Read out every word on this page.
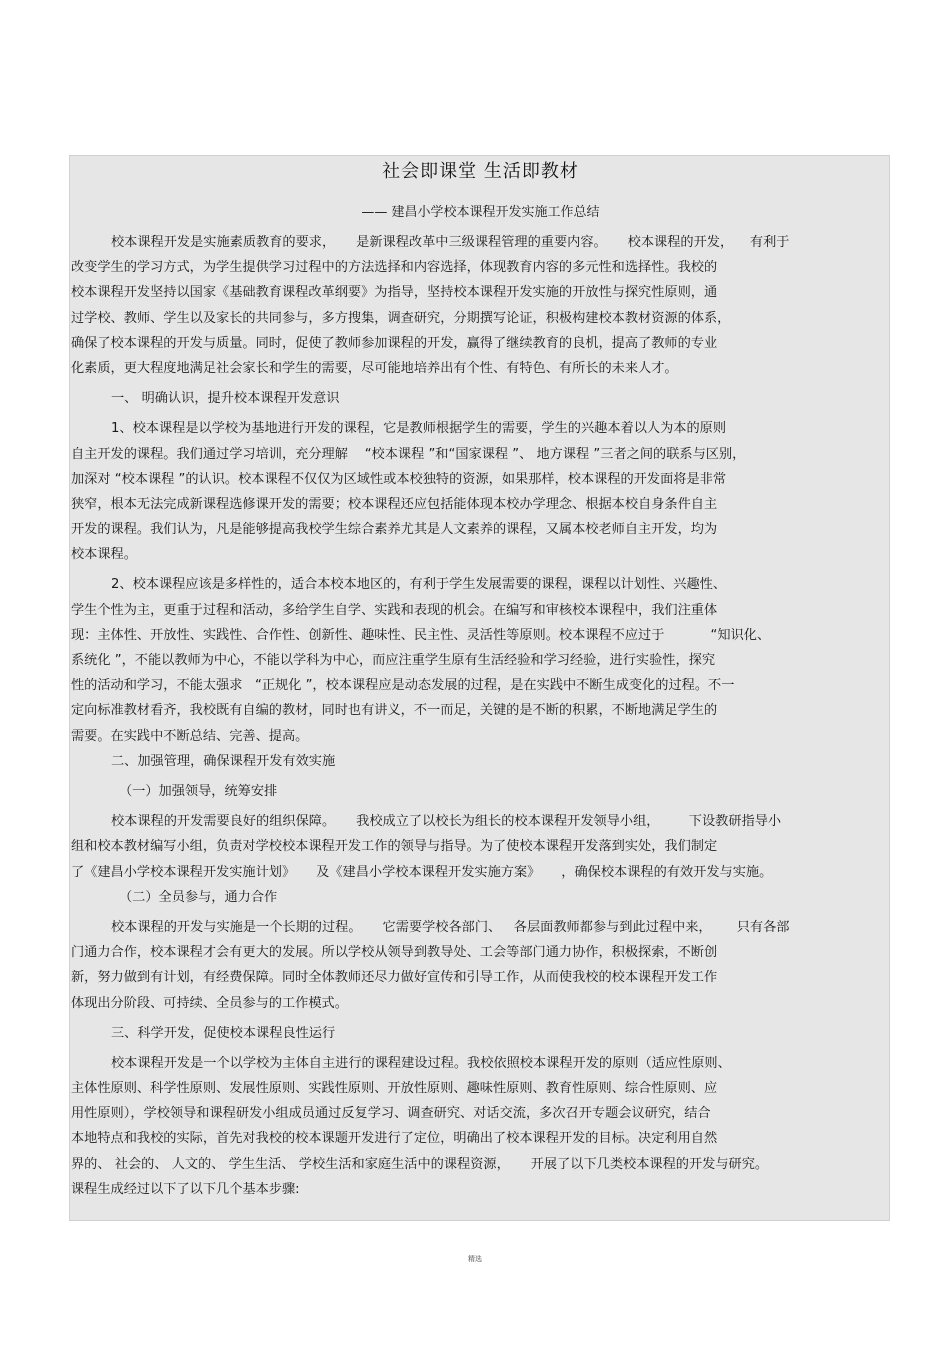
社会即课堂 生活即教材
—— 建昌小学校本课程开发实施工作总结
校本课程开发是实施素质教育的要求，     是新课程改革中三级课程管理的重要内容。     校本课程的开发，    有利于
改变学生的学习方式，为学生提供学习过程中的方法选择和内容选择，体现教育内容的多元性和选择性。我校的
校本课程开发坚持以国家《基础教育课程改革纲要》为指导，坚持校本课程开发实施的开放性与探究性原则，通
过学校、教师、学生以及家长的共同参与，多方搜集，调查研究，分期撰写论证，积极构建校本教材资源的体系，
确保了校本课程的开发与质量。同时，促使了教师参加课程的开发，赢得了继续教育的良机，提高了教师的专业
化素质，更大程度地满足社会家长和学生的需要，尽可能地培养出有个性、有特色、有所长的未来人才。
一、 明确认识，提升校本课程开发意识
1、校本课程是以学校为基地进行开发的课程，它是教师根据学生的需要，学生的兴趣本着以人为本的原则
自主开发的课程。我们通过学习培训，充分理解    “校本课程 ”和“国家课程 ”、 地方课程 ”三者之间的联系与区别，
加深对 “校本课程 ”的认识。校本课程不仅仅为区域性或本校独特的资源，如果那样，校本课程的开发面将是非常
狭窄，根本无法完成新课程选修课开发的需要；校本课程还应包括能体现本校办学理念、根据本校自身条件自主
开发的课程。我们认为，凡是能够提高我校学生综合素养尤其是人文素养的课程，又属本校老师自主开发，均为
校本课程。
2、校本课程应该是多样性的，适合本校本地区的，有利于学生发展需要的课程，课程以计划性、兴趣性、
学生个性为主，更重于过程和活动，多给学生自学、实践和表现的机会。在编写和审核校本课程中，我们注重体
现：主体性、开放性、实践性、合作性、创新性、趣味性、民主性、灵活性等原则。校本课程不应过于           “知识化、
系统化 ”，不能以教师为中心，不能以学科为中心，而应注重学生原有生活经验和学习经验，进行实验性，探究
性的活动和学习，不能太强求   “正规化 ”，校本课程应是动态发展的过程，是在实践中不断生成变化的过程。不一
定向标准教材看齐，我校既有自编的教材，同时也有讲义，不一而足，关键的是不断的积累，不断地满足学生的
需要。在实践中不断总结、完善、提高。
二、加强管理，确保课程开发有效实施
（一）加强领导，统筹安排
校本课程的开发需要良好的组织保障。     我校成立了以校长为组长的校本课程开发领导小组，       下设教研指导小
组和校本教材编写小组，负责对学校校本课程开发工作的领导与指导。为了使校本课程开发落到实处，我们制定
了《建昌小学校本课程开发实施计划》     及《建昌小学校本课程开发实施方案》     ，确保校本课程的有效开发与实施。
（二）全员参与，通力合作
校本课程的开发与实施是一个长期的过程。     它需要学校各部门、   各层面教师都参与到此过程中来，      只有各部
门通力合作，校本课程才会有更大的发展。所以学校从领导到教导处、工会等部门通力协作，积极探索，不断创
新，努力做到有计划，有经费保障。同时全体教师还尽力做好宣传和引导工作，从而使我校的校本课程开发工作
体现出分阶段、可持续、全员参与的工作模式。
三、科学开发，促使校本课程良性运行
校本课程开发是一个以学校为主体自主进行的课程建设过程。我校依照校本课程开发的原则（适应性原则、
主体性原则、科学性原则、发展性原则、实践性原则、开放性原则、趣味性原则、教育性原则、综合性原则、应
用性原则），学校领导和课程研发小组成员通过反复学习、调查研究、对话交流，多次召开专题会议研究，结合
本地特点和我校的实际，首先对我校的校本课题开发进行了定位，明确出了校本课程开发的目标。决定利用自然
界的、 社会的、 人文的、 学生生活、 学校生活和家庭生活中的课程资源，     开展了以下几类校本课程的开发与研究。
课程生成经过以下了以下几个基本步骤:
精选
